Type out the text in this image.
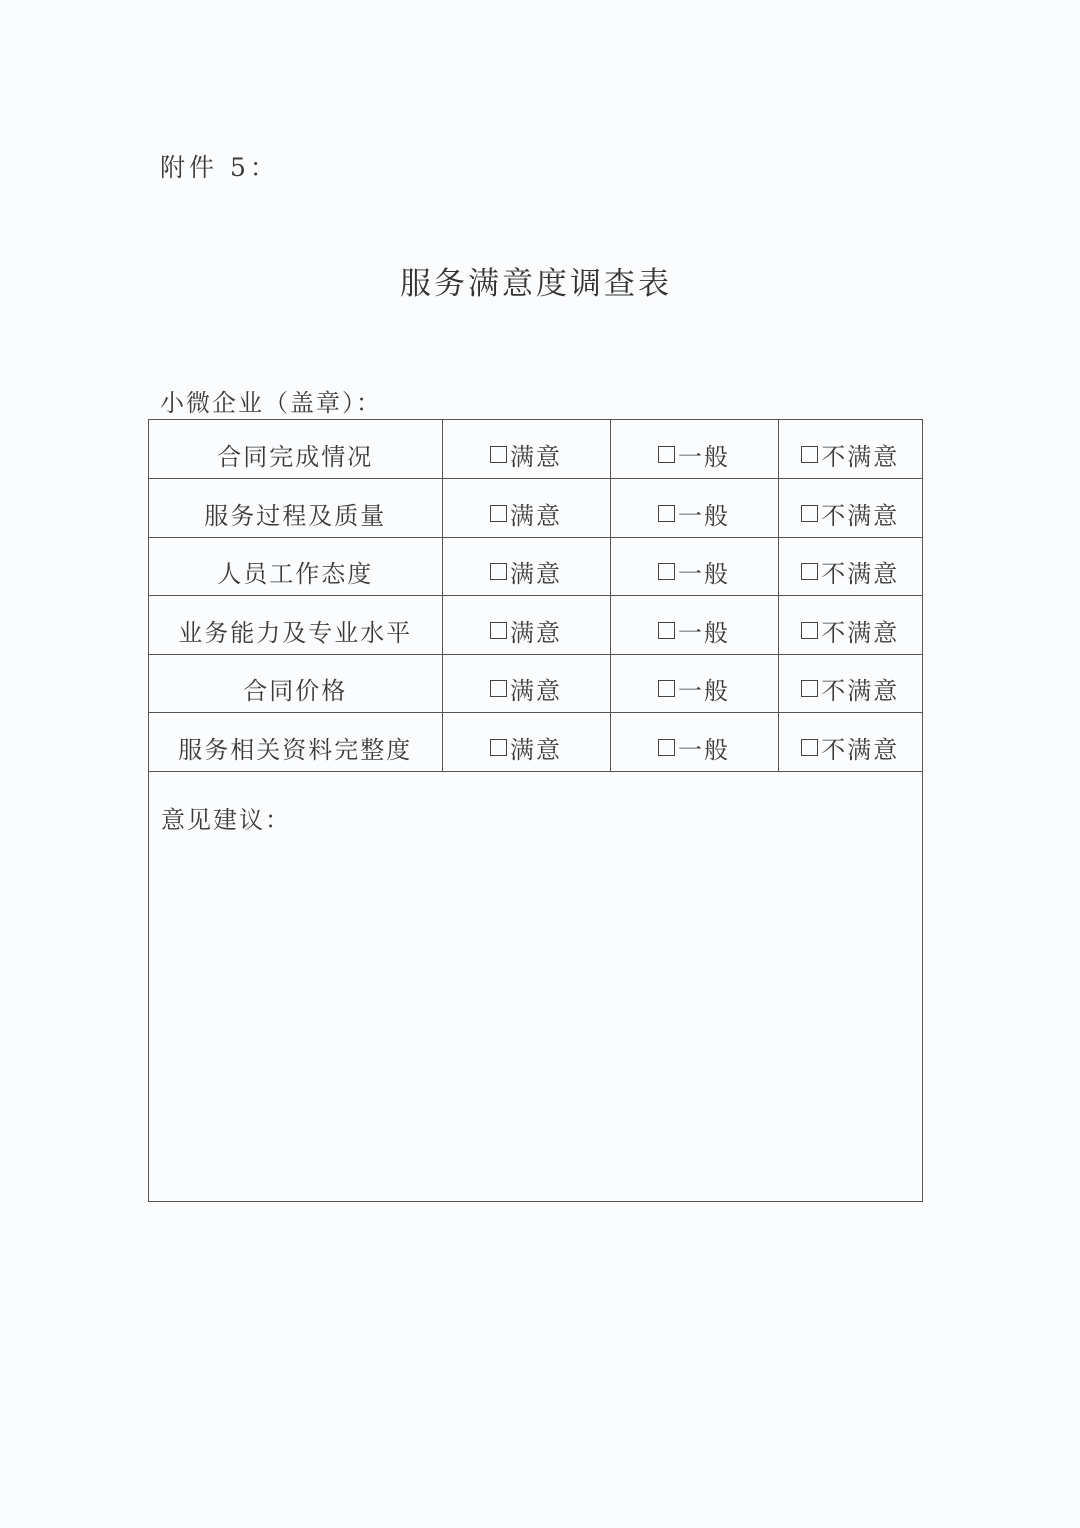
附件 5：
服务满意度调查表
小微企业（盖章）：
合同完成情况	满意	一般	不满意

服务过程及质量	满意	一般	不满意

人员工作态度	满意	一般	不满意

业务能力及专业水平	满意	一般	不满意

合同价格	满意	一般	不满意

服务相关资料完整度	满意	一般	不满意
意见建议：
